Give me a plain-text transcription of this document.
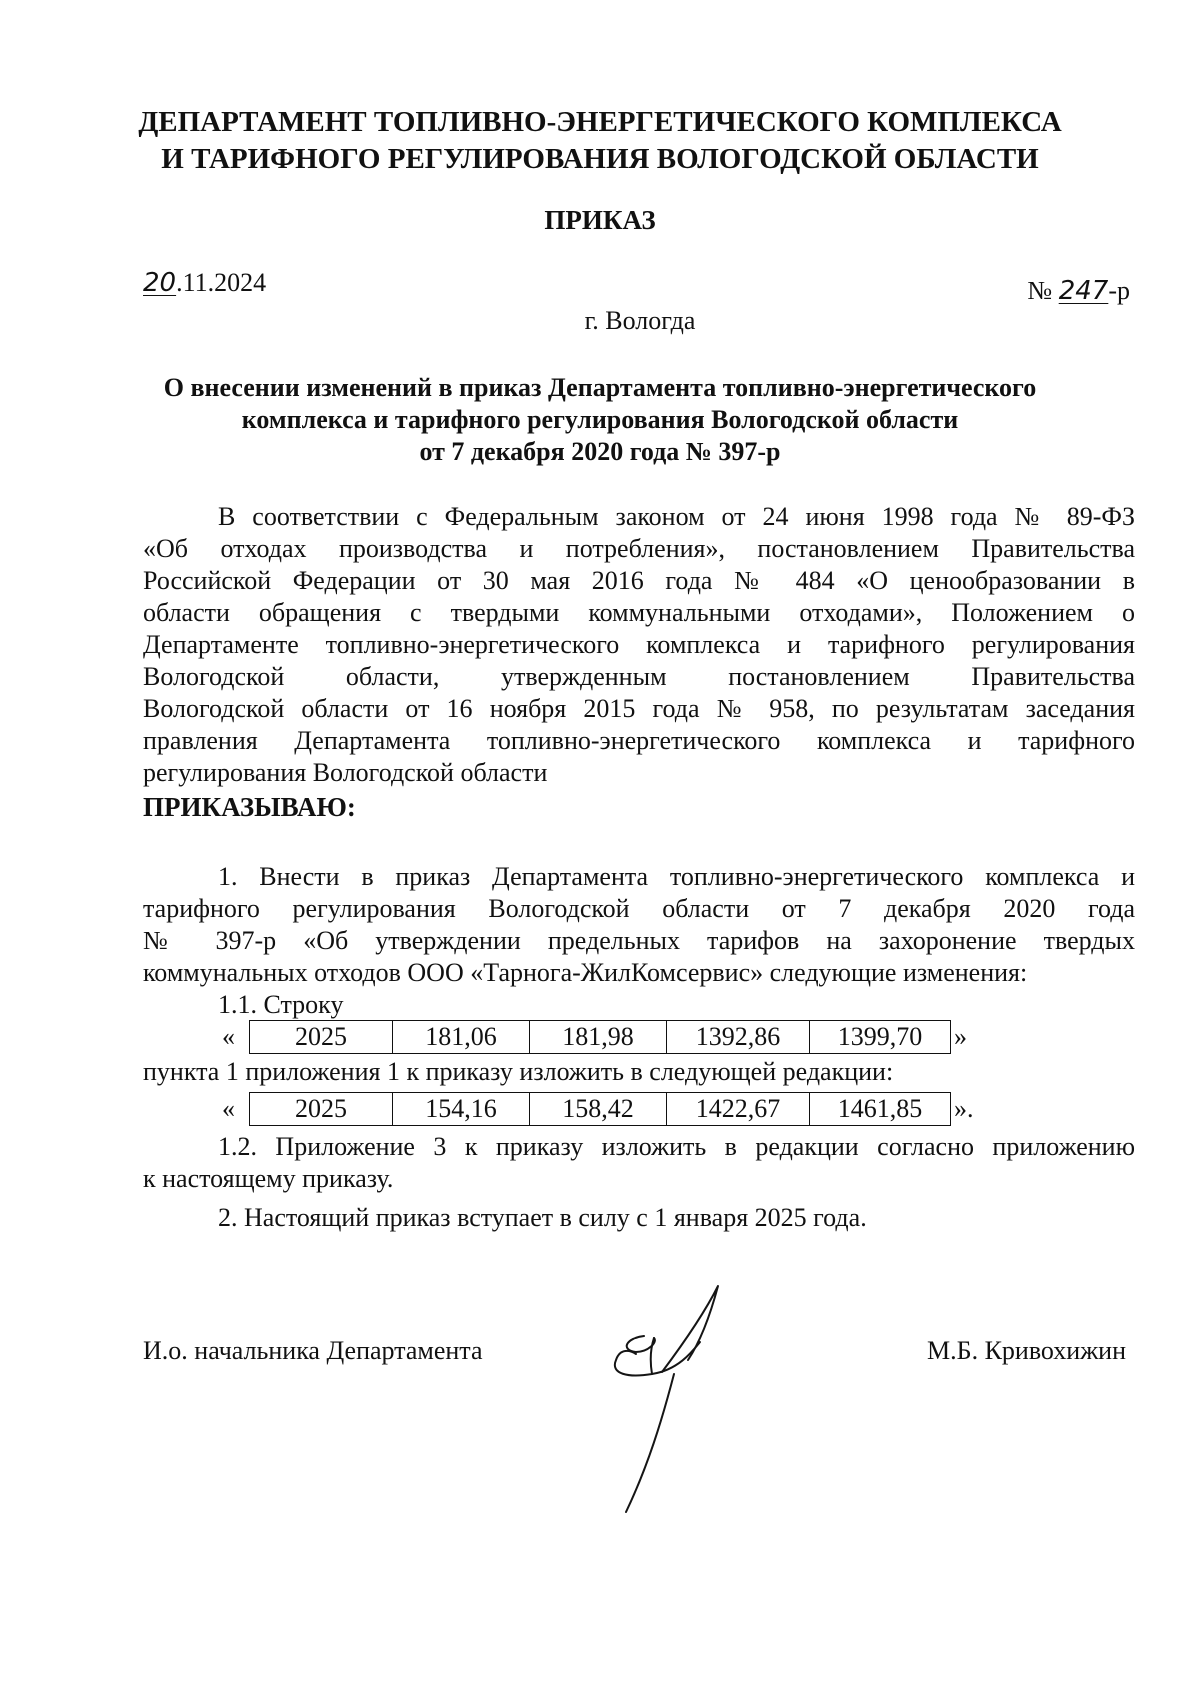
ДЕПАРТАМЕНТ ТОПЛИВНО-ЭНЕРГЕТИЧЕСКОГО КОМПЛЕКСА
И ТАРИФНОГО РЕГУЛИРОВАНИЯ ВОЛОГОДСКОЙ ОБЛАСТИ
ПРИКАЗ
20.11.2024	№ 247-р
г. Вологда
О внесении изменений в приказ Департамента топливно-энергетического
комплекса и тарифного регулирования Вологодской области
от 7 декабря 2020 года № 397-р
В соответствии с Федеральным законом от 24 июня 1998 года № 89-ФЗ
«Об отходах производства и потребления», постановлением Правительства
Российской Федерации от 30 мая 2016 года № 484 «О ценообразовании в
области обращения с твердыми коммунальными отходами», Положением о
Департаменте топливно-энергетического комплекса и тарифного регулирования
Вологодской области, утвержденным постановлением Правительства
Вологодской области от 16 ноября 2015 года № 958, по результатам заседания
правления Департамента топливно-энергетического комплекса и тарифного
регулирования Вологодской области
ПРИКАЗЫВАЮ:
1. Внести в приказ Департамента топливно-энергетического комплекса и
тарифного регулирования Вологодской области от 7 декабря 2020 года
№ 397-р «Об утверждении предельных тарифов на захоронение твердых
коммунальных отходов ООО «Тарнога-ЖилКомсервис» следующие изменения:
1.1. Строку
« 2025	181,06	181,98	1392,86	1399,70 »
пункта 1 приложения 1 к приказу изложить в следующей редакции:
« 2025	154,16	158,42	1422,67	1461,85 ».
1.2. Приложение 3 к приказу изложить в редакции согласно приложению
к настоящему приказу.
2. Настоящий приказ вступает в силу с 1 января 2025 года.
И.о. начальника Департамента	М.Б. Кривохижин
